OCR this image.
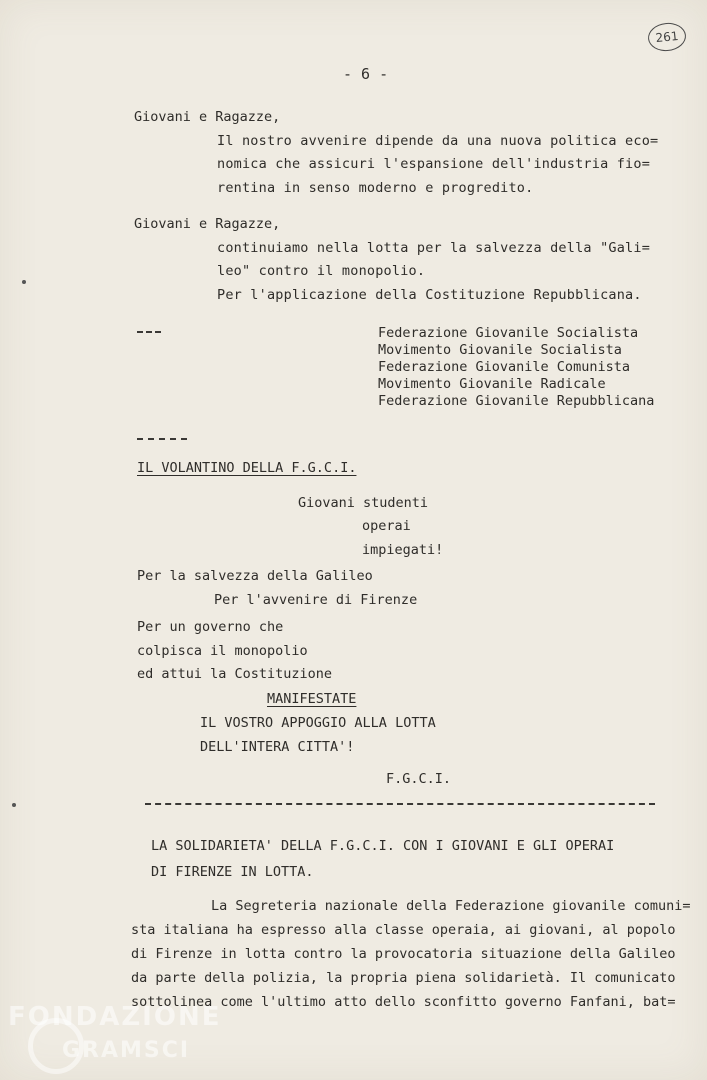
261
- 6 -
Giovani e Ragazze,
Il nostro avvenire dipende da una nuova politica eco=
nomica che assicuri l'espansione dell'industria fio=
rentina in senso moderno e progredito.
Giovani e Ragazze,
continuiamo nella lotta per la salvezza della "Gali=
leo" contro il monopolio.
Per l'applicazione della Costituzione Repubblicana.
Federazione Giovanile Socialista
Movimento Giovanile Socialista
Federazione Giovanile Comunista
Movimento Giovanile Radicale
Federazione Giovanile Repubblicana
IL VOLANTINO DELLA F.G.C.I.
Giovani studenti
operai
impiegati!
Per la salvezza della Galileo
Per l'avvenire di Firenze
Per un governo che
colpisca il monopolio
ed attui la Costituzione
MANIFESTATE
IL VOSTRO APPOGGIO ALLA LOTTA
DELL'INTERA CITTA'!
F.G.C.I.
LA SOLIDARIETA' DELLA F.G.C.I. CON I GIOVANI E GLI OPERAI
DI FIRENZE IN LOTTA.
La Segreteria nazionale della Federazione giovanile comuni=
sta italiana ha espresso alla classe operaia, ai giovani, al popolo
di Firenze in lotta contro la provocatoria situazione della Galileo
da parte della polizia, la propria piena solidarietà. Il comunicato
sottolinea come l'ultimo atto dello sconfitto governo Fanfani, bat=
FONDAZIONE
GRAMSCI
